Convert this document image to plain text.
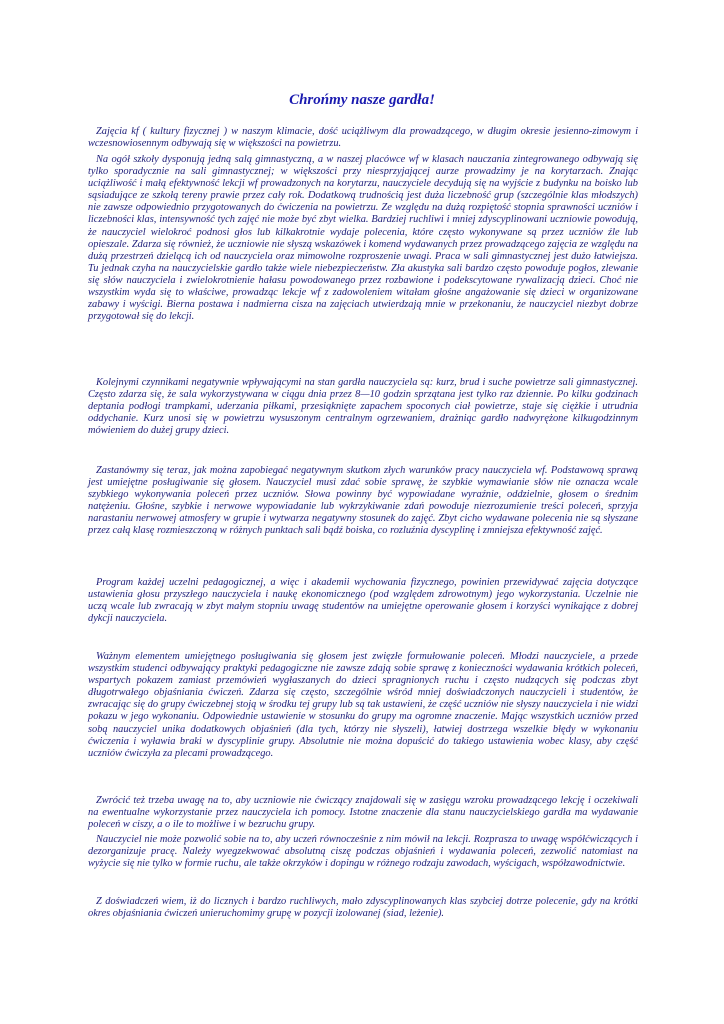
Chrońmy nasze gardła!

Zajęcia kf ( kultury fizycznej ) w naszym klimacie, dość uciążliwym dla prowadzącego, w długim okresie jesienno-zimowym i wczesnowiosennym odbywają się w większości na powietrzu.

Na ogół szkoły dysponują jedną salą gimnastyczną, a w naszej placówce wf w klasach nauczania zintegrowanego odbywają się tylko sporadycznie na sali gimnastycznej; w większości przy niesprzyjającej aurze prowadzimy je na korytarzach. Znając uciążliwość i małą efektywność lekcji wf prowadzonych na korytarzu, nauczyciele decydują się na wyjście z budynku na boisko lub sąsiadujące ze szkołą tereny prawie przez cały rok. Dodatkową trudnością jest duża liczebność grup (szczególnie klas młodszych) nie zawsze odpowiednio przygotowanych do ćwiczenia na powietrzu. Ze względu na dużą rozpiętość stopnia sprawności uczniów i liczebności klas, intensywność tych zajęć nie może być zbyt wielka. Bardziej ruchliwi i mniej zdyscyplinowani uczniowie powodują, że nauczyciel wielokroć podnosi głos lub kilkakrotnie wydaje polecenia, które często wykonywane są przez uczniów źle lub opieszale. Zdarza się również, że uczniowie nie słyszą wskazówek i komend wydawanych przez prowadzącego zajęcia ze względu na dużą przestrzeń dzielącą ich od nauczyciela oraz mimowolne rozproszenie uwagi. Praca w sali gimnastycznej jest dużo łatwiejsza. Tu jednak czyha na nauczycielskie gardło także wiele niebezpieczeństw. Zła akustyka sali bardzo często powoduje pogłos, zlewanie się słów nauczyciela i zwielokrotnienie hałasu powodowanego przez rozbawione i podekscytowane rywalizacją dzieci. Choć nie wszystkim wyda się to właściwe, prowadząc lekcje wf z zadowoleniem witałam głośne angażowanie się dzieci w organizowane zabawy i wyścigi. Bierna postawa i nadmierna cisza na zajęciach utwierdzają mnie w przekonaniu, że nauczyciel niezbyt dobrze przygotował się do lekcji.

Kolejnymi czynnikami negatywnie wpływającymi na stan gardła nauczyciela są: kurz, brud i suche powietrze sali gimnastycznej. Często zdarza się, że sala wykorzystywana w ciągu dnia przez 8—10 godzin sprzątana jest tylko raz dziennie. Po kilku godzinach deptania podłogi trampkami, uderzania piłkami, przesiąknięte zapachem spoconych ciał powietrze, staje się ciężkie i utrudnia oddychanie. Kurz unosi się w powietrzu wysuszonym centralnym ogrzewaniem, drażniąc gardło nadwyrężone kilkugodzinnym mówieniem do dużej grupy dzieci.

Zastanówmy się teraz, jak można zapobiegać negatywnym skutkom złych warunków pracy nauczyciela wf. Podstawową sprawą jest umiejętne posługiwanie się głosem. Nauczyciel musi zdać sobie sprawę, że szybkie wymawianie słów nie oznacza wcale szybkiego wykonywania poleceń przez uczniów. Słowa powinny być wypowiadane wyraźnie, oddzielnie, głosem o średnim natężeniu. Głośne, szybkie i nerwowe wypowiadanie lub wykrzykiwanie zdań powoduje niezrozumienie treści poleceń, sprzyja narastaniu nerwowej atmosfery w grupie i wytwarza negatywny stosunek do zajęć. Zbyt cicho wydawane polecenia nie są słyszane przez całą klasę rozmieszczoną w różnych punktach sali bądź boiska, co rozluźnia dyscyplinę i zmniejsza efektywność zajęć.

Program każdej uczelni pedagogicznej, a więc i akademii wychowania fizycznego, powinien przewidywać zajęcia dotyczące ustawienia głosu przyszłego nauczyciela i naukę ekonomicznego (pod względem zdrowotnym) jego wykorzystania. Uczelnie nie uczą wcale lub zwracają w zbyt małym stopniu uwagę studentów na umiejętne operowanie głosem i korzyści wynikające z dobrej dykcji nauczyciela.

Ważnym elementem umiejętnego posługiwania się głosem jest zwięzłe formułowanie poleceń. Młodzi nauczyciele, a przede wszystkim studenci odbywający praktyki pedagogiczne nie zawsze zdają sobie sprawę z konieczności wydawania krótkich poleceń, wspartych pokazem zamiast przemówień wygłaszanych do dzieci spragnionych ruchu i często nudzących się podczas zbyt długotrwałego objaśniania ćwiczeń. Zdarza się często, szczególnie wśród mniej doświadczonych nauczycieli i studentów, że zwracając się do grupy ćwiczebnej stoją w środku tej grupy lub są tak ustawieni, że część uczniów nie słyszy nauczyciela i nie widzi pokazu w jego wykonaniu. Odpowiednie ustawienie w stosunku do grupy ma ogromne znaczenie. Mając wszystkich uczniów przed sobą nauczyciel unika dodatkowych objaśnień (dla tych, którzy nie słyszeli), łatwiej dostrzega wszelkie błędy w wykonaniu ćwiczenia i wyławia braki w dyscyplinie grupy. Absolutnie nie można dopuścić do takiego ustawienia wobec klasy, aby część uczniów ćwiczyła za plecami prowadzącego.

Zwrócić też trzeba uwagę na to, aby uczniowie nie ćwiczący znajdowali się w zasięgu wzroku prowadzącego lekcję i oczekiwali na ewentualne wykorzystanie przez nauczyciela ich pomocy. Istotne znaczenie dla stanu nauczycielskiego gardła ma wydawanie poleceń w ciszy, a o ile to możliwe i w bezruchu grupy.

Nauczyciel nie może pozwolić sobie na to, aby uczeń równocześnie z nim mówił na lekcji. Rozprasza to uwagę współćwiczących i dezorganizuje pracę. Należy wyegzekwować absolutną ciszę podczas objaśnień i wydawania poleceń, zezwolić natomiast na wyżycie się nie tylko w formie ruchu, ale także okrzyków i dopingu w różnego rodzaju zawodach, wyścigach, współzawodnictwie.

Z doświadczeń wiem, iż do licznych i bardzo ruchliwych, mało zdyscyplinowanych klas szybciej dotrze polecenie, gdy na krótki okres objaśniania ćwiczeń unieruchomimy grupę w pozycji izolowanej (siad, leżenie).
